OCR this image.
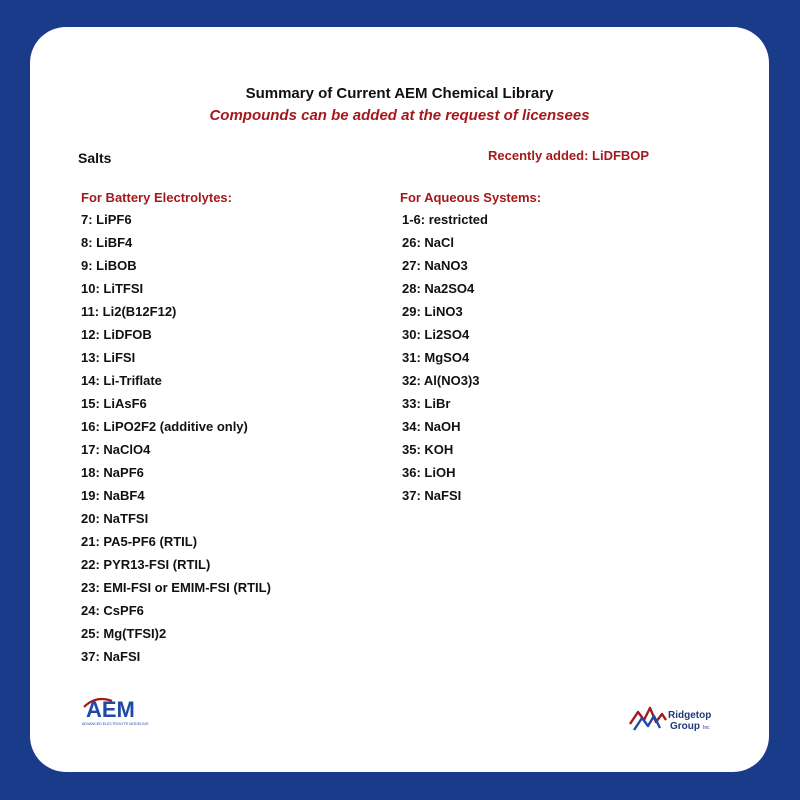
Summary of Current AEM Chemical Library
Compounds can be added at the request of licensees
Salts	Recently added: LiDFBOP
For Battery Electrolytes:
7: LiPF6
8: LiBF4
9: LiBOB
10: LiTFSI
11: Li2(B12F12)
12: LiDFOB
13: LiFSI
14: Li-Triflate
15: LiAsF6
16: LiPO2F2 (additive only)
17: NaClO4
18: NaPF6
19: NaBF4
20: NaTFSI
21: PA5-PF6 (RTIL)
22: PYR13-FSI (RTIL)
23: EMI-FSI or EMIM-FSI (RTIL)
24: CsPF6
25: Mg(TFSI)2
37: NaFSI
For Aqueous Systems:
1-6: restricted
26: NaCl
27: NaNO3
28: Na2SO4
29: LiNO3
30: Li2SO4
31: MgSO4
32: Al(NO3)3
33: LiBr
34: NaOH
35: KOH
36: LiOH
37: NaFSI
AEM
ADVANCED ELECTROLYTE MODELING
Ridgetop
Group Inc
